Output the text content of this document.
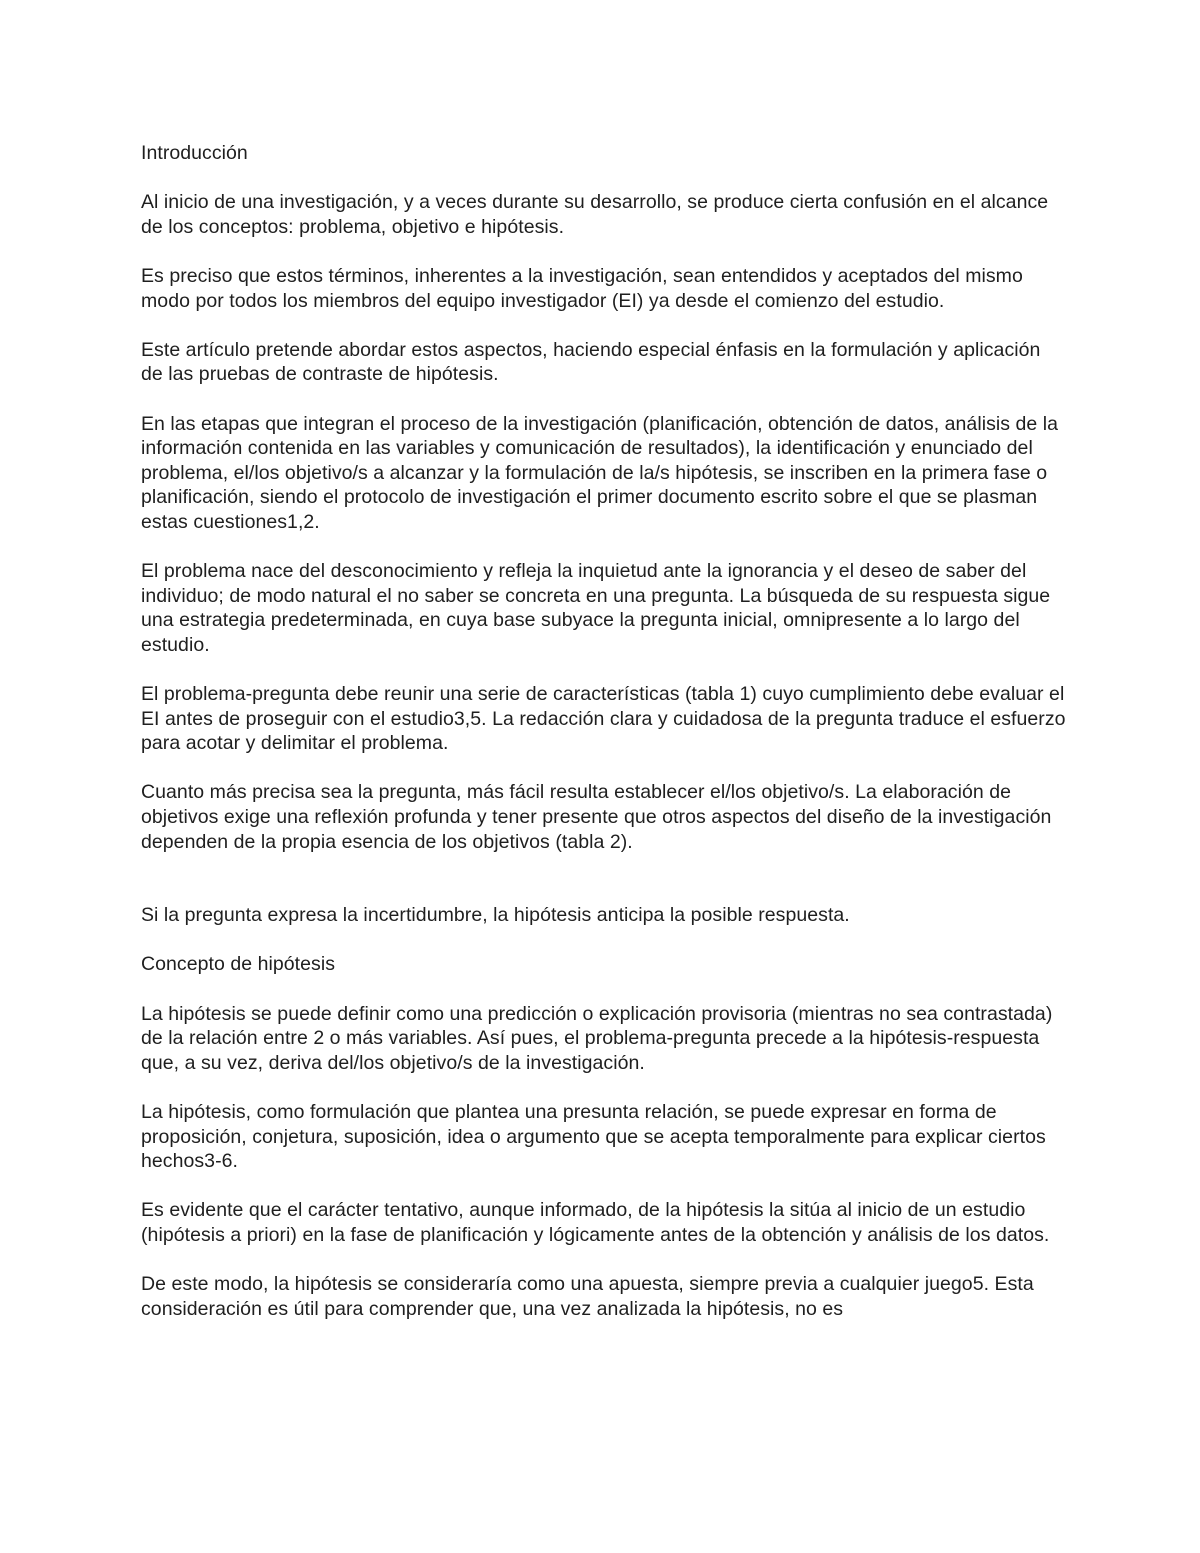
Introducción

Al inicio de una investigación, y a veces durante su desarrollo, se produce cierta confusión en el alcance de los conceptos: problema, objetivo e hipótesis.

Es preciso que estos términos, inherentes a la investigación, sean entendidos y aceptados del mismo modo por todos los miembros del equipo investigador (EI) ya desde el comienzo del estudio.

Este artículo pretende abordar estos aspectos, haciendo especial énfasis en la formulación y aplicación de las pruebas de contraste de hipótesis.

En las etapas que integran el proceso de la investigación (planificación, obtención de datos, análisis de la información contenida en las variables y comunicación de resultados), la identificación y enunciado del problema, el/los objetivo/s a alcanzar y la formulación de la/s hipótesis, se inscriben en la primera fase o planificación, siendo el protocolo de investigación el primer documento escrito sobre el que se plasman estas cuestiones1,2.

El problema nace del desconocimiento y refleja la inquietud ante la ignorancia y el deseo de saber del individuo; de modo natural el no saber se concreta en una pregunta. La búsqueda de su respuesta sigue una estrategia predeterminada, en cuya base subyace la pregunta inicial, omnipresente a lo largo del estudio.

El problema-pregunta debe reunir una serie de características (tabla 1) cuyo cumplimiento debe evaluar el EI antes de proseguir con el estudio3,5. La redacción clara y cuidadosa de la pregunta traduce el esfuerzo para acotar y delimitar el problema.

Cuanto más precisa sea la pregunta, más fácil resulta establecer el/los objetivo/s. La elaboración de objetivos exige una reflexión profunda y tener presente que otros aspectos del diseño de la investigación dependen de la propia esencia de los objetivos (tabla 2).

Si la pregunta expresa la incertidumbre, la hipótesis anticipa la posible respuesta.

Concepto de hipótesis

La hipótesis se puede definir como una predicción o explicación provisoria (mientras no sea contrastada) de la relación entre 2 o más variables. Así pues, el problema-pregunta precede a la hipótesis-respuesta que, a su vez, deriva del/los objetivo/s de la investigación.

La hipótesis, como formulación que plantea una presunta relación, se puede expresar en forma de proposición, conjetura, suposición, idea o argumento que se acepta temporalmente para explicar ciertos hechos3-6.

Es evidente que el carácter tentativo, aunque informado, de la hipótesis la sitúa al inicio de un estudio (hipótesis a priori) en la fase de planificación y lógicamente antes de la obtención y análisis de los datos.

De este modo, la hipótesis se consideraría como una apuesta, siempre previa a cualquier juego5. Esta consideración es útil para comprender que, una vez analizada la hipótesis, no es
